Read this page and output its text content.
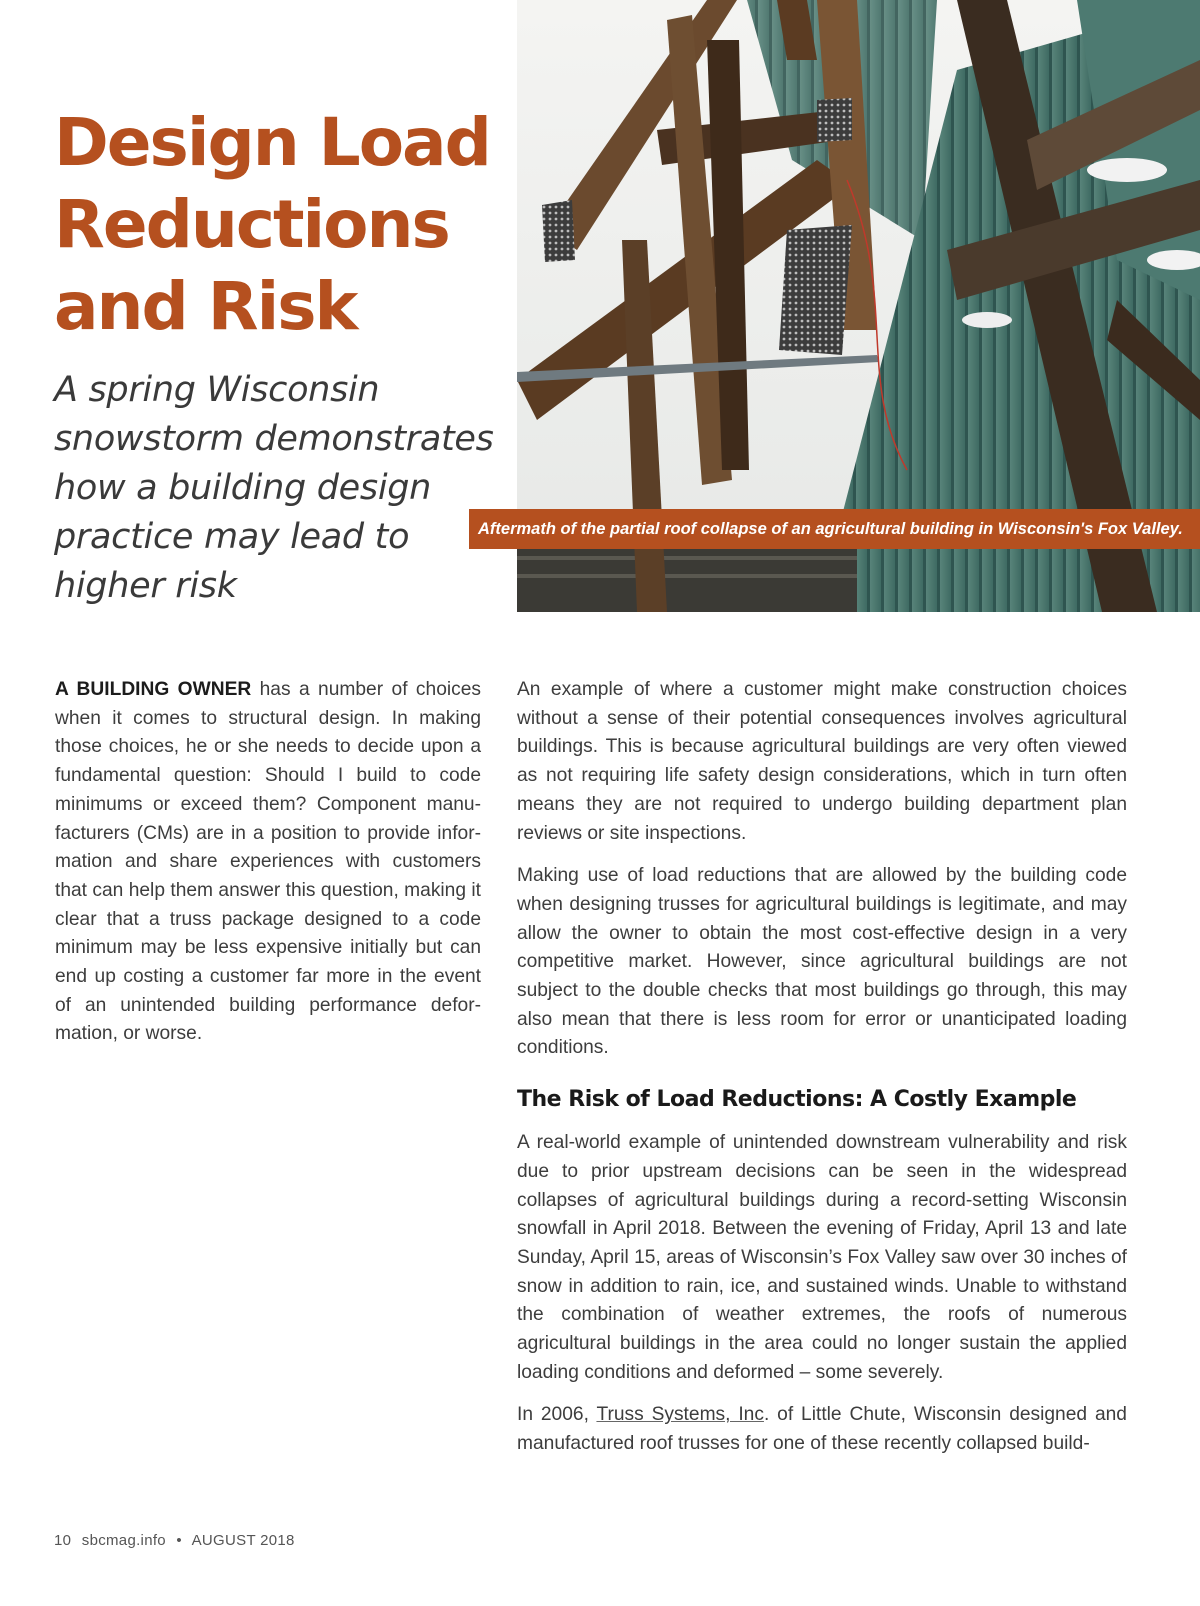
Design Load
Reductions
and Risk
A spring Wisconsin
snowstorm demonstrates
how a building design
practice may lead to
higher risk
Aftermath of the partial roof collapse of an agricultural building in Wisconsin's Fox Valley.

A BUILDING OWNER has a number of choices when it comes to structural design. In making those choices, he or she needs to decide upon a fundamental question: Should I build to code minimums or exceed them? Component manufacturers (CMs) are in a position to provide information and share experiences with customers that can help them answer this question, making it clear that a truss package designed to a code minimum may be less expensive initially but can end up costing a customer far more in the event of an unintended building performance deformation, or worse.

An example of where a customer might make construction choices without a sense of their potential consequences involves agricultural buildings. This is because agricultural buildings are very often viewed as not requiring life safety design considerations, which in turn often means they are not required to undergo building department plan reviews or site inspections.

Making use of load reductions that are allowed by the building code when designing trusses for agricultural buildings is legitimate, and may allow the owner to obtain the most cost-effective design in a very competitive market. However, since agricultural buildings are not subject to the double checks that most buildings go through, this may also mean that there is less room for error or unanticipated loading conditions.

The Risk of Load Reductions: A Costly Example

A real-world example of unintended downstream vulnerability and risk due to prior upstream decisions can be seen in the widespread collapses of agricultural buildings during a record-setting Wisconsin snowfall in April 2018. Between the evening of Friday, April 13 and late Sunday, April 15, areas of Wisconsin’s Fox Valley saw over 30 inches of snow in addition to rain, ice, and sustained winds. Unable to withstand the combination of weather extremes, the roofs of numerous agricultural buildings in the area could no longer sustain the applied loading conditions and deformed – some severely.

In 2006, Truss Systems, Inc. of Little Chute, Wisconsin designed and manufactured roof trusses for one of these recently collapsed build-

10 sbcmag.info • AUGUST 2018
